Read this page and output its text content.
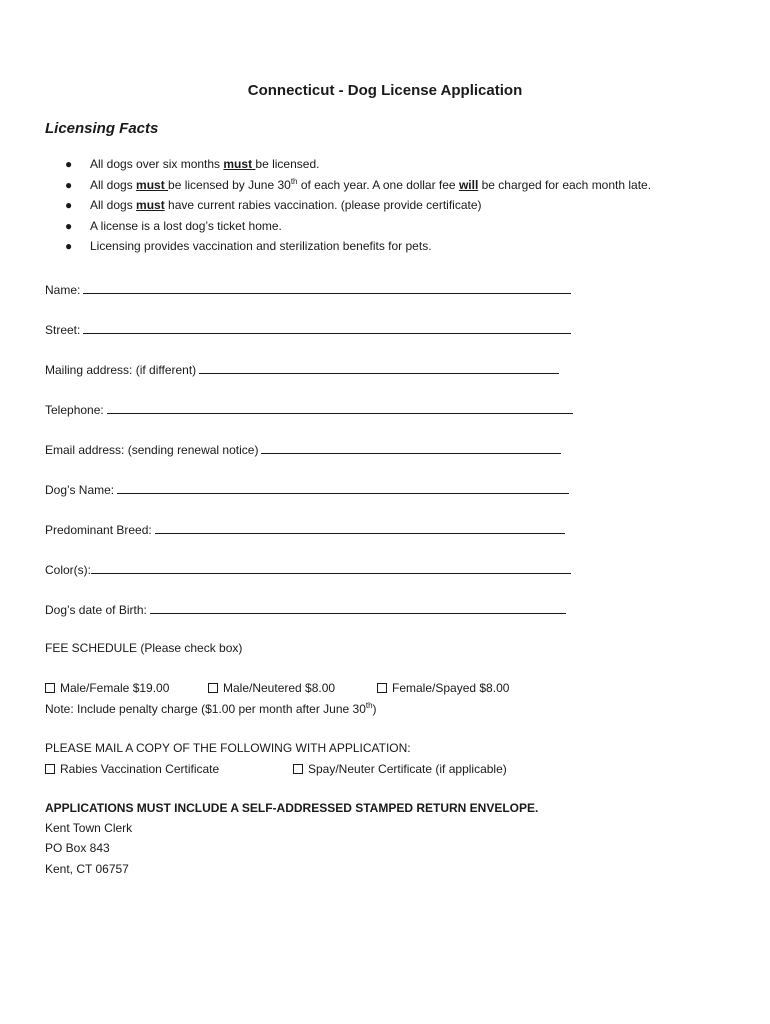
Connecticut - Dog License Application
Licensing Facts
● All dogs over six months must be licensed.
● All dogs must be licensed by June 30th of each year. A one dollar fee will be charged for each month late.
● All dogs must have current rabies vaccination. (please provide certificate)
● A license is a lost dog’s ticket home.
● Licensing provides vaccination and sterilization benefits for pets.
Name:
Street:
Mailing address: (if different)
Telephone:
Email address: (sending renewal notice)
Dog’s Name:
Predominant Breed:
Color(s):
Dog’s date of Birth:
FEE SCHEDULE (Please check box)
Male/Female $19.00	Male/Neutered $8.00	Female/Spayed $8.00
Note: Include penalty charge ($1.00 per month after June 30th)
PLEASE MAIL A COPY OF THE FOLLOWING WITH APPLICATION:
Rabies Vaccination Certificate	Spay/Neuter Certificate (if applicable)
APPLICATIONS MUST INCLUDE A SELF-ADDRESSED STAMPED RETURN ENVELOPE.
Kent Town Clerk
PO Box 843
Kent, CT 06757
